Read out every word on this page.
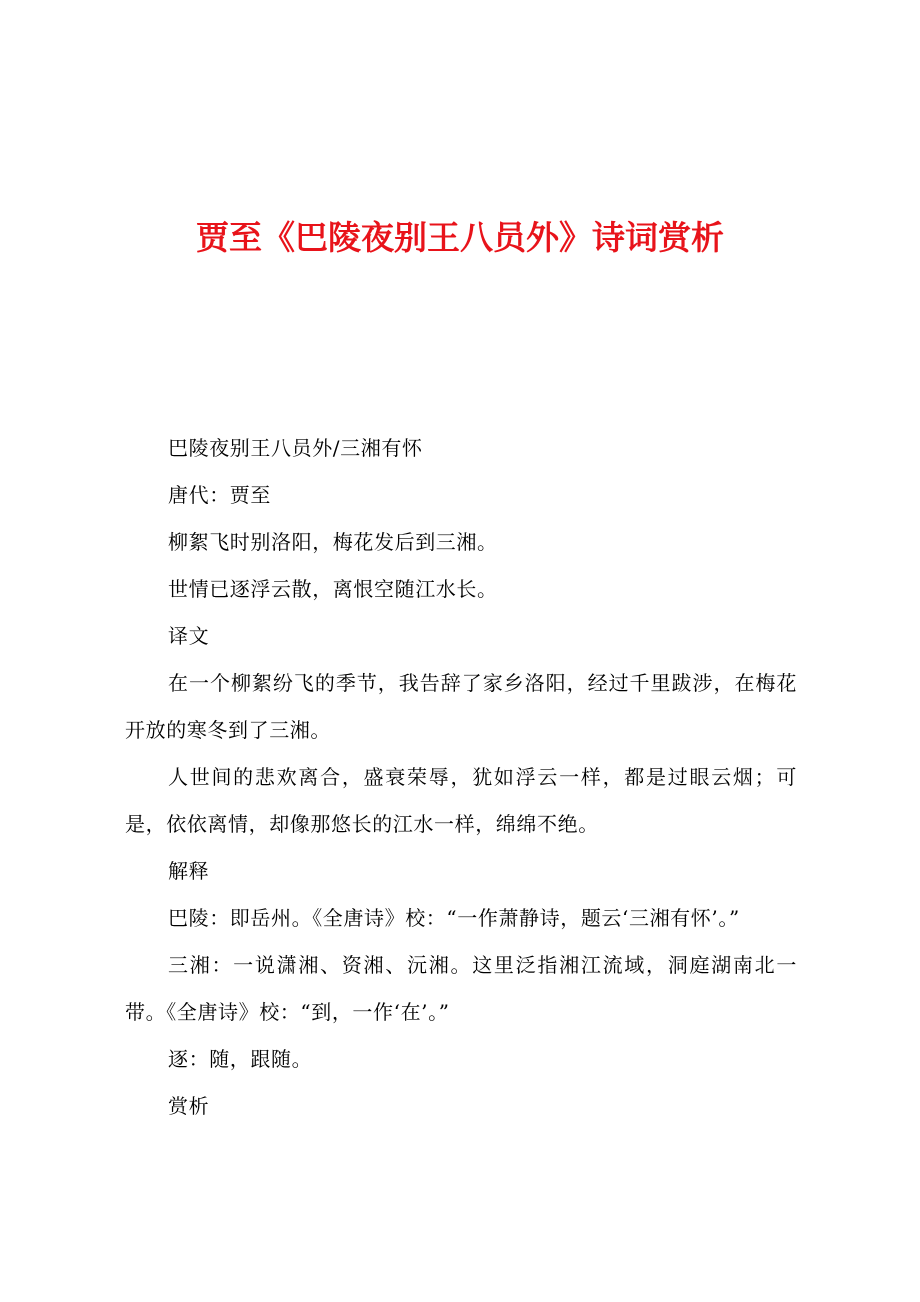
贾至《巴陵夜别王八员外》诗词赏析

巴陵夜别王八员外/三湘有怀

唐代：贾至

柳絮飞时别洛阳，梅花发后到三湘。

世情已逐浮云散，离恨空随江水长。

译文

在一个柳絮纷飞的季节，我告辞了家乡洛阳，经过千里跋涉，在梅花开放的寒冬到了三湘。

人世间的悲欢离合，盛衰荣辱，犹如浮云一样，都是过眼云烟；可是，依依离情，却像那悠长的江水一样，绵绵不绝。

解释

巴陵：即岳州。《全唐诗》校：“一作萧静诗，题云‘三湘有怀’。”

三湘：一说潇湘、资湘、沅湘。这里泛指湘江流域，洞庭湖南北一带。《全唐诗》校：“到，一作‘在’。”

逐：随，跟随。

赏析
